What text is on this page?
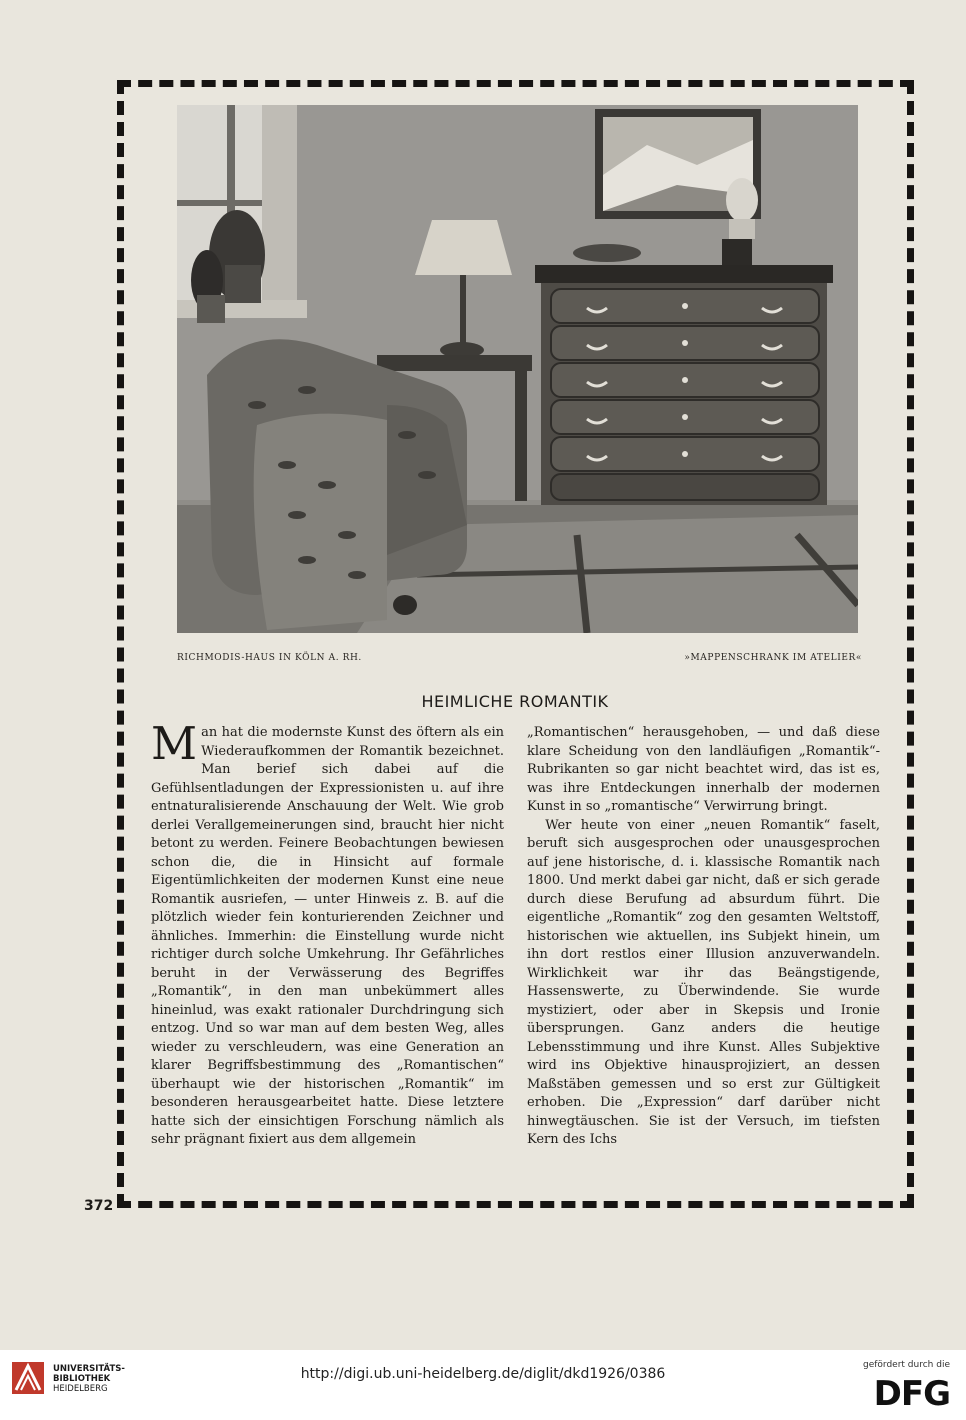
RICHMODIS-HAUS IN KÖLN A. RH.	»MAPPENSCHRANK IM ATELIER«
HEIMLICHE ROMANTIK

Man hat die modernste Kunst des öftern als ein Wiederaufkommen der Romantik bezeichnet. Man berief sich dabei auf die Gefühlsentladungen der Expressionisten u. auf ihre entnaturalisierende Anschauung der Welt. Wie grob derlei Verallgemeinerungen sind, braucht hier nicht betont zu werden. Feinere Beobachtungen bewiesen schon die, die in Hinsicht auf formale Eigentümlichkeiten der modernen Kunst eine neue Romantik ausriefen, — unter Hinweis z. B. auf die plötzlich wieder fein konturierenden Zeichner und ähnliches. Immerhin: die Einstellung wurde nicht richtiger durch solche Umkehrung. Ihr Gefährliches beruht in der Verwässerung des Begriffes „Romantik“, in den man unbekümmert alles hineinlud, was exakt rationaler Durchdringung sich entzog. Und so war man auf dem besten Weg, alles wieder zu verschleudern, was eine Generation an klarer Begriffsbestimmung des „Romantischen“ überhaupt wie der historischen „Romantik“ im besonderen herausgearbeitet hatte. Diese letztere hatte sich der einsichtigen Forschung nämlich als sehr prägnant fixiert aus dem allgemein

„Romantischen“ herausgehoben, — und daß diese klare Scheidung von den landläufigen „Romantik“-Rubrikanten so gar nicht beachtet wird, das ist es, was ihre Entdeckungen innerhalb der modernen Kunst in so „romantische“ Verwirrung bringt.

Wer heute von einer „neuen Romantik“ faselt, beruft sich ausgesprochen oder unausgesprochen auf jene historische, d. i. klassische Romantik nach 1800. Und merkt dabei gar nicht, daß er sich gerade durch diese Berufung ad absurdum führt. Die eigentliche „Romantik“ zog den gesamten Weltstoff, historischen wie aktuellen, ins Subjekt hinein, um ihn dort restlos einer Illusion anzuverwandeln. Wirklichkeit war ihr das Beängstigende, Hassenswerte, zu Überwindende. Sie wurde mystiziert, oder aber in Skepsis und Ironie übersprungen. Ganz anders die heutige Lebensstimmung und ihre Kunst. Alles Subjektive wird ins Objektive hinausprojiziert, an dessen Maßstäben gemessen und so erst zur Gültigkeit erhoben. Die „Expression“ darf darüber nicht hinwegtäuschen. Sie ist der Versuch, im tiefsten Kern des Ichs

372
UNIVERSITÄTS-
BIBLIOTHEK
HEIDELBERG
http://digi.ub.uni-heidelberg.de/diglit/dkd1926/0386
gefördert durch die
DFG
